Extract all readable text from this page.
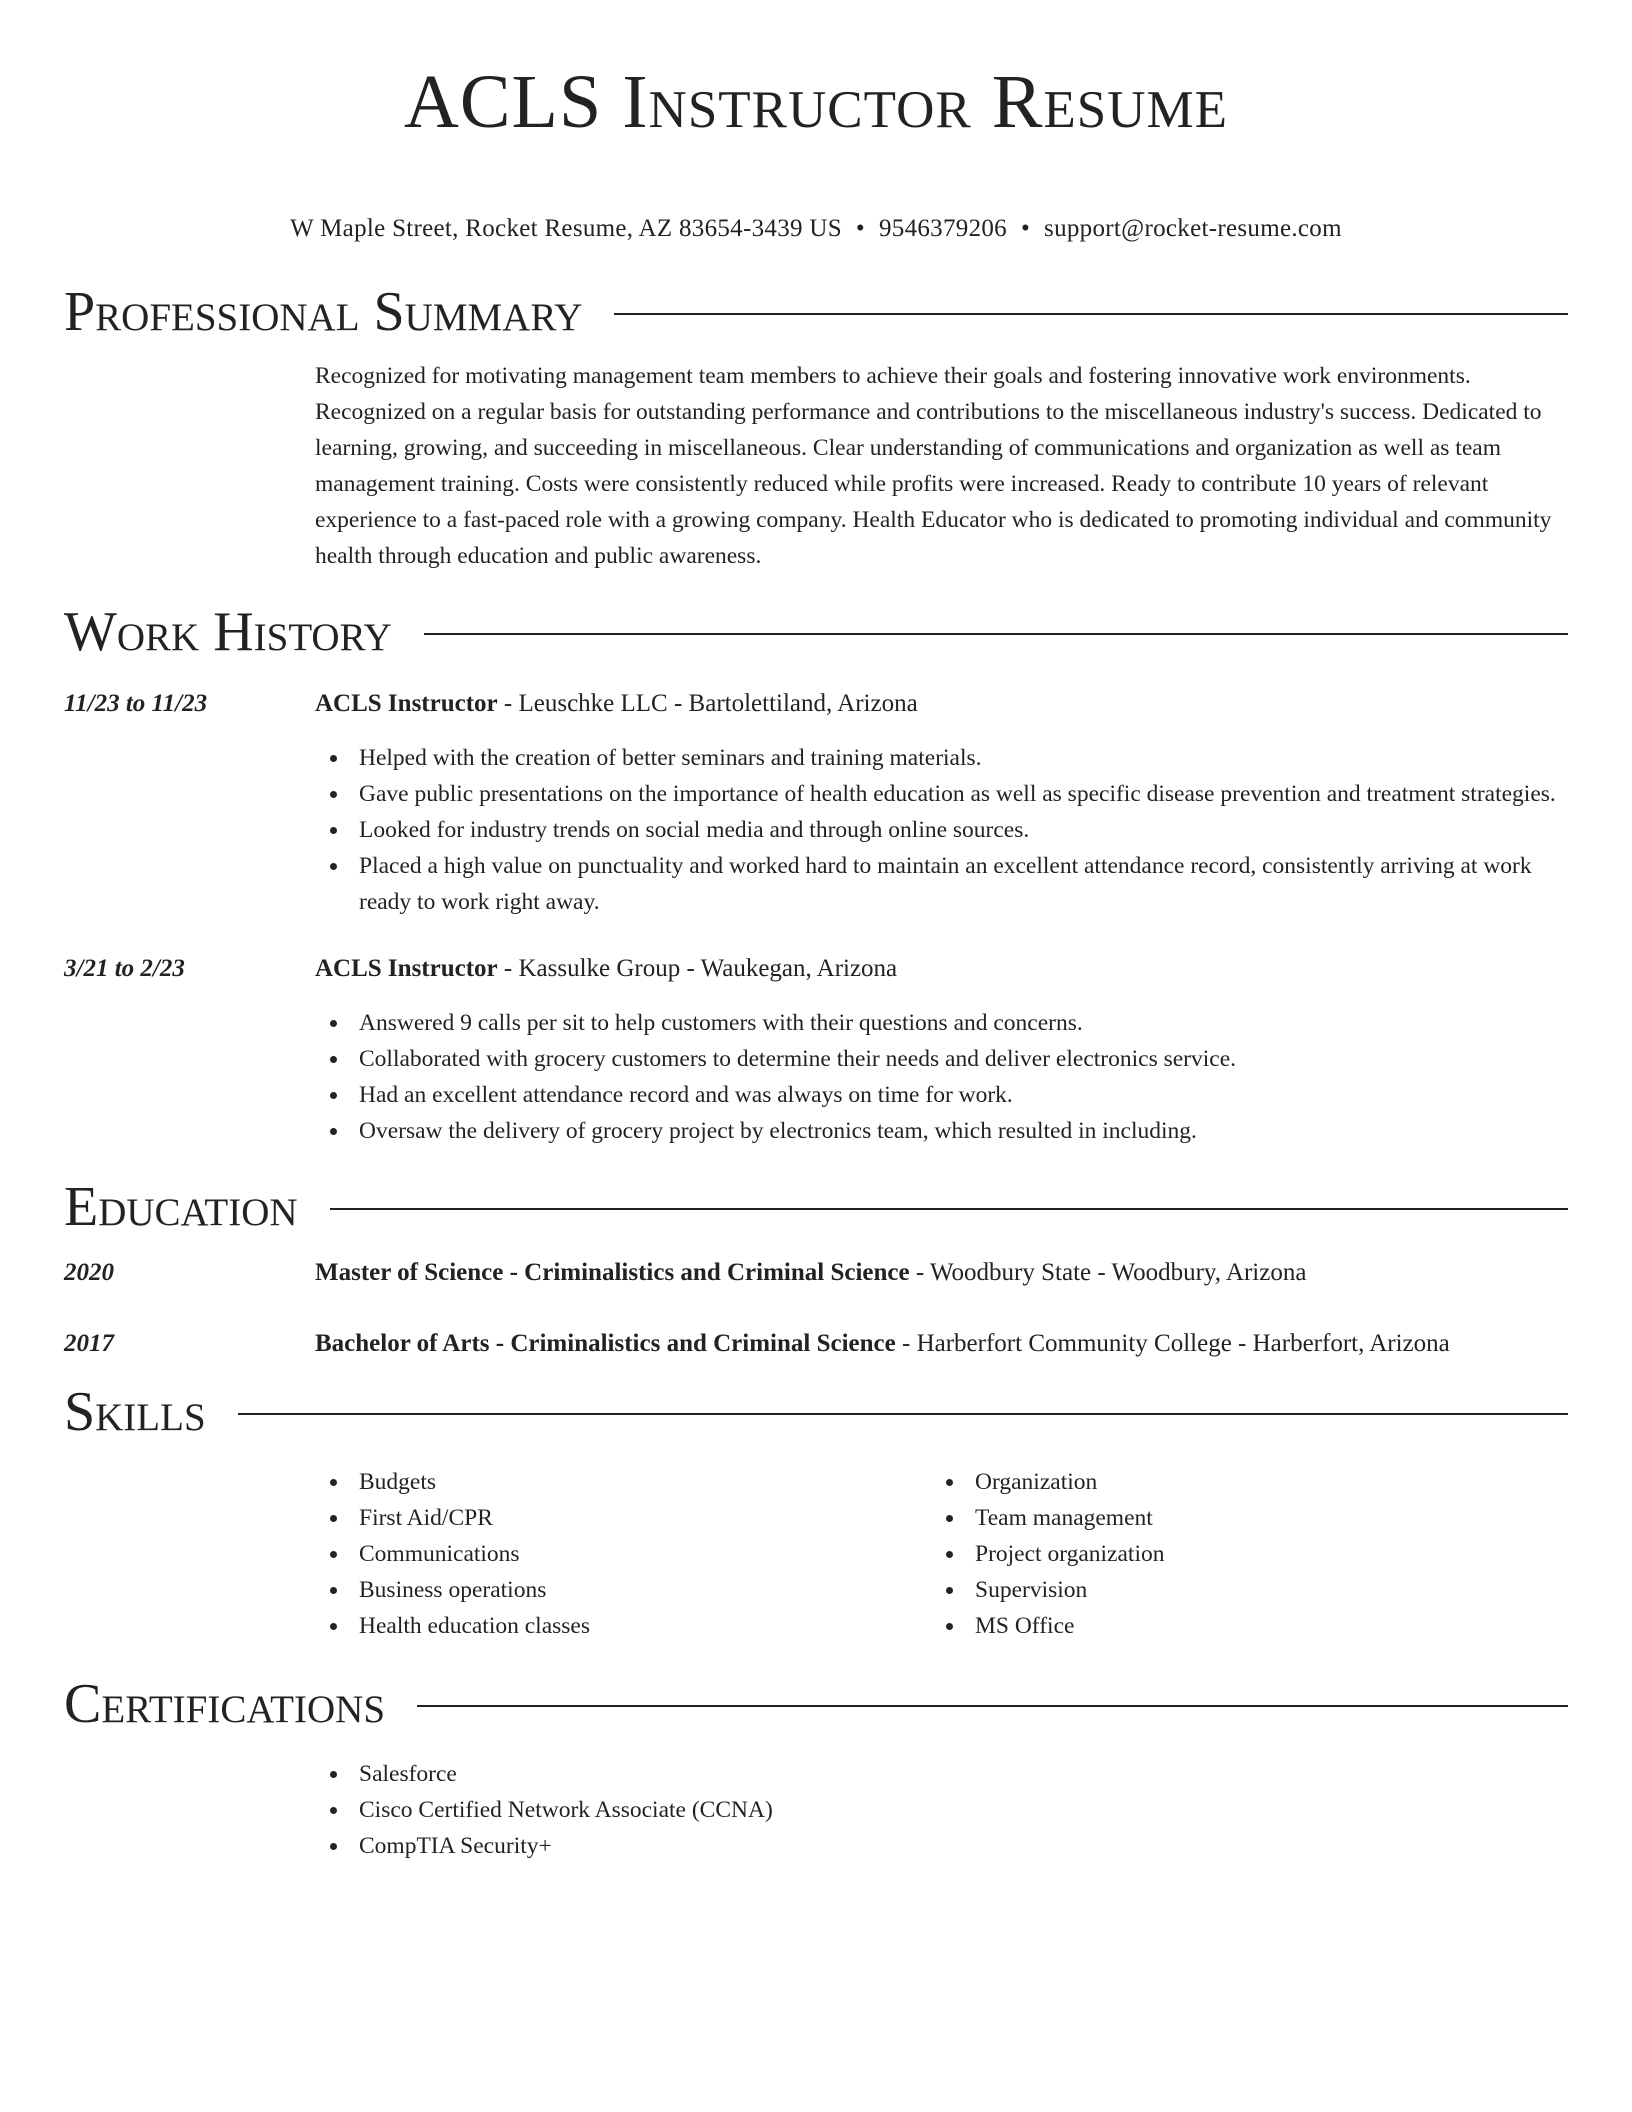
ACLS Instructor Resume
W Maple Street, Rocket Resume, AZ 83654-3439 US • 9546379206 • support@rocket-resume.com
Professional Summary

Recognized for motivating management team members to achieve their goals and fostering innovative work environments. Recognized on a regular basis for outstanding performance and contributions to the miscellaneous industry's success. Dedicated to learning, growing, and succeeding in miscellaneous. Clear understanding of communications and organization as well as team management training. Costs were consistently reduced while profits were increased. Ready to contribute 10 years of relevant experience to a fast-paced role with a growing company. Health Educator who is dedicated to promoting individual and community health through education and public awareness.

Work History
11/23 to 11/23	ACLS Instructor - Leuschke LLC - Bartolettiland, Arizona
Helped with the creation of better seminars and training materials.
Gave public presentations on the importance of health education as well as specific disease prevention and treatment strategies.
Looked for industry trends on social media and through online sources.
Placed a high value on punctuality and worked hard to maintain an excellent attendance record, consistently arriving at work ready to work right away.
3/21 to 2/23	ACLS Instructor - Kassulke Group - Waukegan, Arizona
Answered 9 calls per sit to help customers with their questions and concerns.
Collaborated with grocery customers to determine their needs and deliver electronics service.
Had an excellent attendance record and was always on time for work.
Oversaw the delivery of grocery project by electronics team, which resulted in including.
Education
2020	Master of Science - Criminalistics and Criminal Science - Woodbury State - Woodbury, Arizona
2017	Bachelor of Arts - Criminalistics and Criminal Science - Harberfort Community College - Harberfort, Arizona
Skills
Budgets
First Aid/CPR
Communications
Business operations
Health education classes
Organization
Team management
Project organization
Supervision
MS Office
Certifications
Salesforce
Cisco Certified Network Associate (CCNA)
CompTIA Security+
